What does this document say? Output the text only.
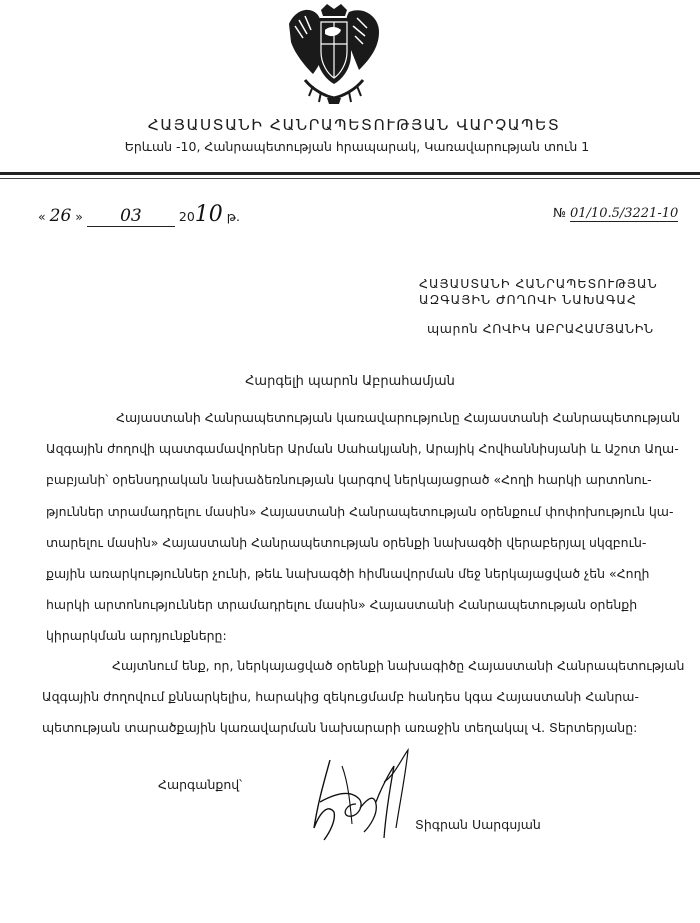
ՀԱՅԱՍՏԱՆԻ ՀԱՆՐԱՊԵՏՈՒԹՅԱՆ ՎԱՐՉԱՊԵՏ
Երևան -10, Հանրապետության հրապարակ, Կառավարության տուն 1
« 26 » 03	2010 թ.	№ 01/10.5/3221-10
ՀԱՅԱՍՏԱՆԻ ՀԱՆՐԱՊԵՏՈՒԹՅԱՆ
ԱԶԳԱՅԻՆ ԺՈՂՈՎԻ ՆԱԽԱԳԱՀ
պարոն ՀՈՎԻԿ ԱԲՐԱՀԱՄՅԱՆԻՆ
Հարգելի պարոն Աբրահամյան
Հայաստանի Հանրապետության կառավարությունը Հայաստանի Հանրապետության
Ազգային ժողովի պատգամավորներ Արման Սահակյանի, Արայիկ Հովհաննիսյանի և Աշոտ Աղա-
բաբյանի՝ օրենսդրական նախաձեռնության կարգով ներկայացրած «Հողի հարկի արտոնու-
թյուններ տրամադրելու մասին» Հայաստանի Հանրապետության օրենքում փոփոխություն կա-
տարելու մասին» Հայաստանի Հանրապետության օրենքի նախագծի վերաբերյալ սկզբուն-
քային առարկություններ չունի, թեև նախագծի հիմնավորման մեջ ներկայացված չեն «Հողի
հարկի արտոնություններ տրամադրելու մասին» Հայաստանի Հանրապետության օրենքի
կիրարկման արդյունքները:
Հայտնում ենք, որ, ներկայացված օրենքի նախագիծը Հայաստանի Հանրապետության
Ազգային ժողովում քննարկելիս, հարակից զեկուցմամբ հանդես կգա Հայաստանի Հանրա-
պետության տարածքային կառավարման նախարարի առաջին տեղակալ Վ. Տերտերյանը:
Հարգանքով՝
Տիգրան Սարգսյան
